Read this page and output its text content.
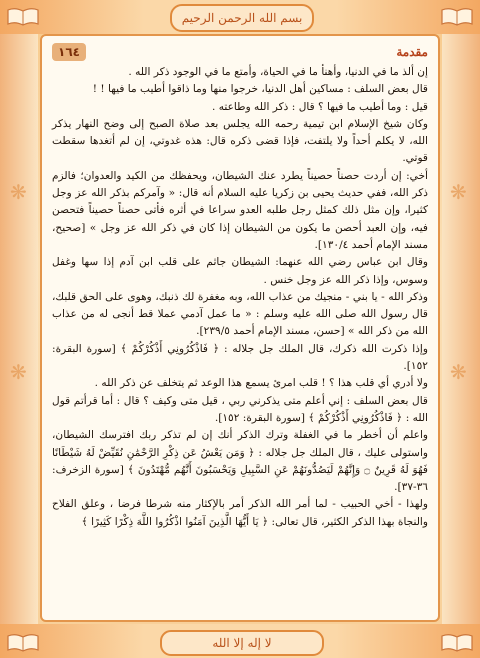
❋
❋
❋
❋
بسم الله الرحمن الرحيم
لا إله إلا الله
١٦٤	مقدمة

إن ألذ ما في الدنيا، وأهنأ ما في الحياة، وأمتع ما في الوجود ذكر الله .

قال بعض السلف : مساكين أهل الدنيا، خرجوا منها وما ذاقوا أطيب ما فيها ! !

قيل : وما أطيب ما فيها ؟ قال : ذكر الله وطاعته .

وكان شيخ الإسلام ابن تيمية رحمه الله يجلس بعد صلاة الصبح إلى وضح النهار يذكر الله، لا يكلم أحداً ولا يلتفت، فإذا قضى ذكره قال: هذه غدوتي، إن لم أتغدها سقطت قوتي.

أخي: إن أردت حصناً حصيناً يطرد عنك الشيطان، ويحفظك من الكيد والعدوان؛ فالزم ذكر الله، ففي حديث يحيى بن زكريا عليه السلام أنه قال: « وآمركم بذكر الله عز وجل كثيرا، وإن مثل ذلك كمثل رجل طلبه العدو سراعا في أثره فأتى حصناً حصيناً فتحصن فيه، وإن العبد أحصن ما يكون من الشيطان إذا كان في ذكر الله عز وجل » [صحيح، مسند الإمام أحمد ١٣٠/٤].

وقال ابن عباس رضي الله عنهما: الشيطان جاثم على قلب ابن آدم إذا سها وغفل وسوس، وإذا ذكر الله عز وجل خنس .

وذكر الله - يا بني - منجيك من عذاب الله، وبه مغفرة لك ذنبك، وهوى على الحق قلبك، قال رسول الله صلى الله عليه وسلم : « ما عمل آدمي عملا قط أنجى له من عذاب الله من ذكر الله » [حسن، مسند الإمام أحمد ٢٣٩/٥].

وإذا ذكرت الله ذكرك، قال الملك جل جلاله : ﴿ فَاذْكُرُونِي أَذْكُرْكُمْ ﴾ [سورة البقرة: ١٥٢].

ولا أدري أي قلب هذا ؟ ! قلب امرئ يسمع هذا الوعد ثم يتخلف عن ذكر الله .

قال بعض السلف : إني أعلم متى يذكرني ربي ، قيل متى وكيف ؟ قال : أما قرأتم قول الله : ﴿ فَاذْكُرُونِي أَذْكُرْكُمْ ﴾ [سورة البقرة: ١٥٢].

واعلم أن أخطر ما في الغفلة وترك الذكر أنك إن لم تذكر ربك افترسك الشيطان، واستولى عليك ، قال الملك جل جلاله : ﴿ وَمَن يَعْشُ عَن ذِكْرِ الرَّحْمَٰنِ نُقَيِّضْ لَهُ شَيْطَانًا فَهُوَ لَهُ قَرِينٌ ۝ وَإِنَّهُمْ لَيَصُدُّونَهُمْ عَنِ السَّبِيلِ وَيَحْسَبُونَ أَنَّهُم مُّهْتَدُونَ ﴾ [سورة الزخرف: ٣٦-٣٧].

ولهذا - أخي الحبيب - لما أمر الله الذكر أمر بالإكثار منه شرطا فرضا ، وعلق الفلاح والنجاة بهذا الذكر الكثير، قال تعالى: ﴿ يَا أَيُّهَا الَّذِينَ آمَنُوا اذْكُرُوا اللَّهَ ذِكْرًا كَثِيرًا ﴾
